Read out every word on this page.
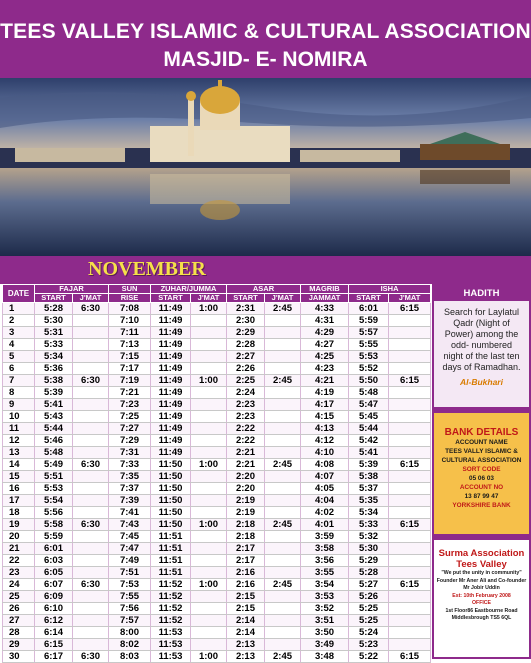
TEES VALLEY ISLAMIC & CULTURAL ASSOCIATION
MASJID- E- NOMIRA
NOVEMBER
DATE	FAJAR		SUN	ZUHAR/JUMMA		ASAR		MAGRIB	ISHA	
	START	J'MAT	RISE	START	J'MAT	START	J'MAT	JAMMAT	START	J'MAT
1	5:28	6:30	7:08	11:49	1:00	2:31	2:45	4:33	6:01	6:15
2	5:30		7:10	11:49		2:30		4:31	5:59	
3	5:31		7:11	11:49		2:29		4:29	5:57	
4	5:33		7:13	11:49		2:28		4:27	5:55	
5	5:34		7:15	11:49		2:27		4:25	5:53	
6	5:36		7:17	11:49		2:26		4:23	5:52	
7	5:38	6:30	7:19	11:49	1:00	2:25	2:45	4:21	5:50	6:15
8	5:39		7:21	11:49		2:24		4:19	5:48	
9	5:41		7:23	11:49		2:23		4:17	5:47	
10	5:43		7:25	11:49		2:23		4:15	5:45	
11	5:44		7:27	11:49		2:22		4:13	5:44	
12	5:46		7:29	11:49		2:22		4:12	5:42	
13	5:48		7:31	11:49		2:21		4:10	5:41	
14	5:49	6:30	7:33	11:50	1:00	2:21	2:45	4:08	5:39	6:15
15	5:51		7:35	11:50		2:20		4:07	5:38	
16	5:53		7:37	11:50		2:20		4:05	5:37	
17	5:54		7:39	11:50		2:19		4:04	5:35	
18	5:56		7:41	11:50		2:19		4:02	5:34	
19	5:58	6:30	7:43	11:50	1:00	2:18	2:45	4:01	5:33	6:15
20	5:59		7:45	11:51		2:18		3:59	5:32	
21	6:01		7:47	11:51		2:17		3:58	5:30	
22	6:03		7:49	11:51		2:17		3:56	5:29	
23	6:05		7:51	11:51		2:16		3:55	5:28	
24	6:07	6:30	7:53	11:52	1:00	2:16	2:45	3:54	5:27	6:15
25	6:09		7:55	11:52		2:15		3:53	5:26	
26	6:10		7:56	11:52		2:15		3:52	5:25	
27	6:12		7:57	11:52		2:14		3:51	5:25	
28	6:14		8:00	11:53		2:14		3:50	5:24	
29	6:15		8:02	11:53		2:13		3:49	5:23	
30	6:17	6:30	8:03	11:53	1:00	2:13	2:45	3:48	5:22	6:15
HADITH
Search for Laylatul Qadr (Night of Power) among the odd- numbered night of the last ten days of Ramadhan.
Al-Bukhari
BANK DETAILS
ACCOUNT NAME
TEES VALLY ISLAMIC & CULTURAL ASSOCIATION
SORT CODE
05 06 03
ACCOUNT NO
13 87 99 47
YORKSHIRE BANK
Surma Association Tees Valley
"We put the unity in community"
Founder Mr Aner Ali and Co-founder Mr Jobir Uddin
Est: 10th February 2008
OFFICE
1st Floor86 Eastbourne Road Middlesbrough TS5 6QL
